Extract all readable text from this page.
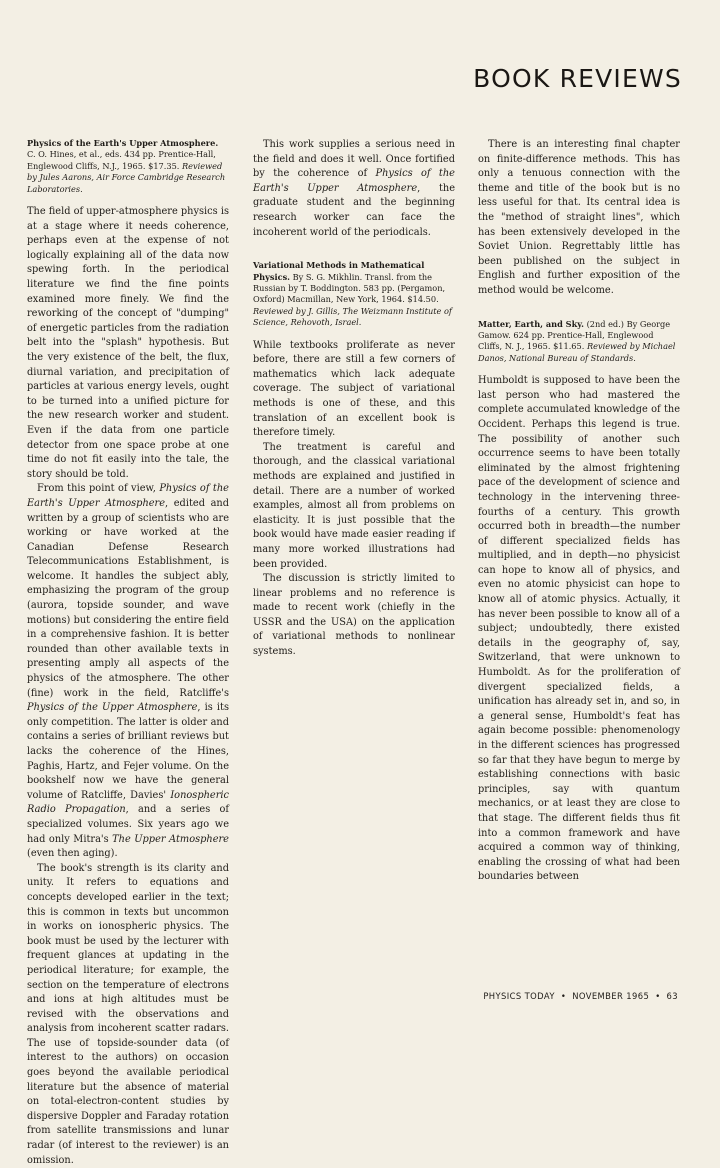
BOOK REVIEWS

Physics of the Earth's Upper Atmosphere. C. O. Hines, et al., eds. 434 pp. Prentice-Hall, Englewood Cliffs, N.J., 1965. $17.35. Reviewed by Jules Aarons, Air Force Cambridge Research Laboratories.

The field of upper-atmosphere physics is at a stage where it needs coherence, perhaps even at the expense of not logically explaining all of the data now spewing forth. In the periodical literature we find the fine points examined more finely. We find the reworking of the concept of "dumping" of energetic particles from the radiation belt into the "splash" hypothesis. But the very existence of the belt, the flux, diurnal variation, and precipitation of particles at various energy levels, ought to be turned into a unified picture for the new research worker and student. Even if the data from one particle detector from one space probe at one time do not fit easily into the tale, the story should be told.

From this point of view, Physics of the Earth's Upper Atmosphere, edited and written by a group of scientists who are working or have worked at the Canadian Defense Research Telecommunications Establishment, is welcome. It handles the subject ably, emphasizing the program of the group (aurora, topside sounder, and wave motions) but considering the entire field in a comprehensive fashion. It is better rounded than other available texts in presenting amply all aspects of the physics of the atmosphere. The other (fine) work in the field, Ratcliffe's Physics of the Upper Atmosphere, is its only competition. The latter is older and contains a series of brilliant reviews but lacks the coherence of the Hines, Paghis, Hartz, and Fejer volume. On the bookshelf now we have the general volume of Ratcliffe, Davies' Ionospheric Radio Propagation, and a series of specialized volumes. Six years ago we had only Mitra's The Upper Atmosphere (even then aging).

The book's strength is its clarity and unity. It refers to equations and concepts developed earlier in the text; this is common in texts but uncommon in works on ionospheric physics. The book must be used by the lecturer with frequent glances at updating in the periodical literature; for example, the section on the temperature of electrons and ions at high altitudes must be revised with the observations and analysis from incoherent scatter radars. The use of topside-sounder data (of interest to the authors) on occasion goes beyond the available periodical literature but the absence of material on total-electron-content studies by dispersive Doppler and Faraday rotation from satellite transmissions and lunar radar (of interest to the reviewer) is an omission.

This work supplies a serious need in the field and does it well. Once fortified by the coherence of Physics of the Earth's Upper Atmosphere, the graduate student and the beginning research worker can face the incoherent world of the periodicals.

Variational Methods in Mathematical Physics. By S. G. Mikhlin. Transl. from the Russian by T. Boddington. 583 pp. (Pergamon, Oxford) Macmillan, New York, 1964. $14.50. Reviewed by J. Gillis, The Weizmann Institute of Science, Rehovoth, Israel.

While textbooks proliferate as never before, there are still a few corners of mathematics which lack adequate coverage. The subject of variational methods is one of these, and this translation of an excellent book is therefore timely.

The treatment is careful and thorough, and the classical variational methods are explained and justified in detail. There are a number of worked examples, almost all from problems on elasticity. It is just possible that the book would have made easier reading if many more worked illustrations had been provided.

The discussion is strictly limited to linear problems and no reference is made to recent work (chiefly in the USSR and the USA) on the application of variational methods to nonlinear systems.

There is an interesting final chapter on finite-difference methods. This has only a tenuous connection with the theme and title of the book but is no less useful for that. Its central idea is the "method of straight lines", which has been extensively developed in the Soviet Union. Regrettably little has been published on the subject in English and further exposition of the method would be welcome.

Matter, Earth, and Sky. (2nd ed.) By George Gamow. 624 pp. Prentice-Hall, Englewood Cliffs, N. J., 1965. $11.65. Reviewed by Michael Danos, National Bureau of Standards.

Humboldt is supposed to have been the last person who had mastered the complete accumulated knowledge of the Occident. Perhaps this legend is true. The possibility of another such occurrence seems to have been totally eliminated by the almost frightening pace of the development of science and technology in the intervening three-fourths of a century. This growth occurred both in breadth—the number of different specialized fields has multiplied, and in depth—no physicist can hope to know all of physics, and even no atomic physicist can hope to know all of atomic physics. Actually, it has never been possible to know all of a subject; undoubtedly, there existed details in the geography of, say, Switzerland, that were unknown to Humboldt. As for the proliferation of divergent specialized fields, a unification has already set in, and so, in a general sense, Humboldt's feat has again become possible: phenomenology in the different sciences has progressed so far that they have begun to merge by establishing connections with basic principles, say with quantum mechanics, or at least they are close to that stage. The different fields thus fit into a common framework and have acquired a common way of thinking, enabling the crossing of what had been boundaries between

PHYSICS TODAY • NOVEMBER 1965 • 63
